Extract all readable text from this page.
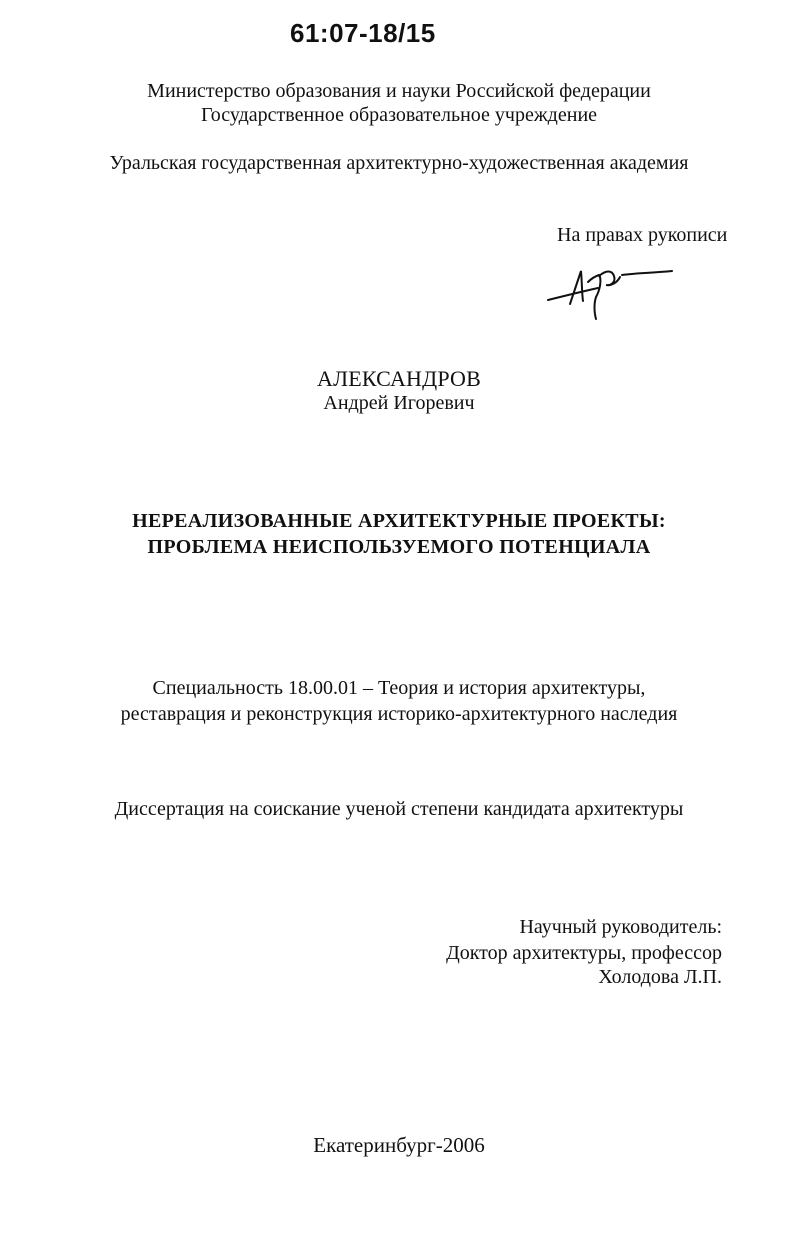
61:07-18/15
Министерство образования и науки Российской федерации
Государственное образовательное учреждение
Уральская государственная архитектурно-художественная академия
На правах рукописи
АЛЕКСАНДРОВ
Андрей Игоревич
НЕРЕАЛИЗОВАННЫЕ АРХИТЕКТУРНЫЕ ПРОЕКТЫ:
ПРОБЛЕМА НЕИСПОЛЬЗУЕМОГО ПОТЕНЦИАЛА
Специальность 18.00.01 – Теория и история архитектуры,
реставрация и реконструкция историко-архитектурного наследия
Диссертация на соискание ученой степени кандидата архитектуры
Научный руководитель:
Доктор архитектуры, профессор
Холодова Л.П.
Екатеринбург-2006
